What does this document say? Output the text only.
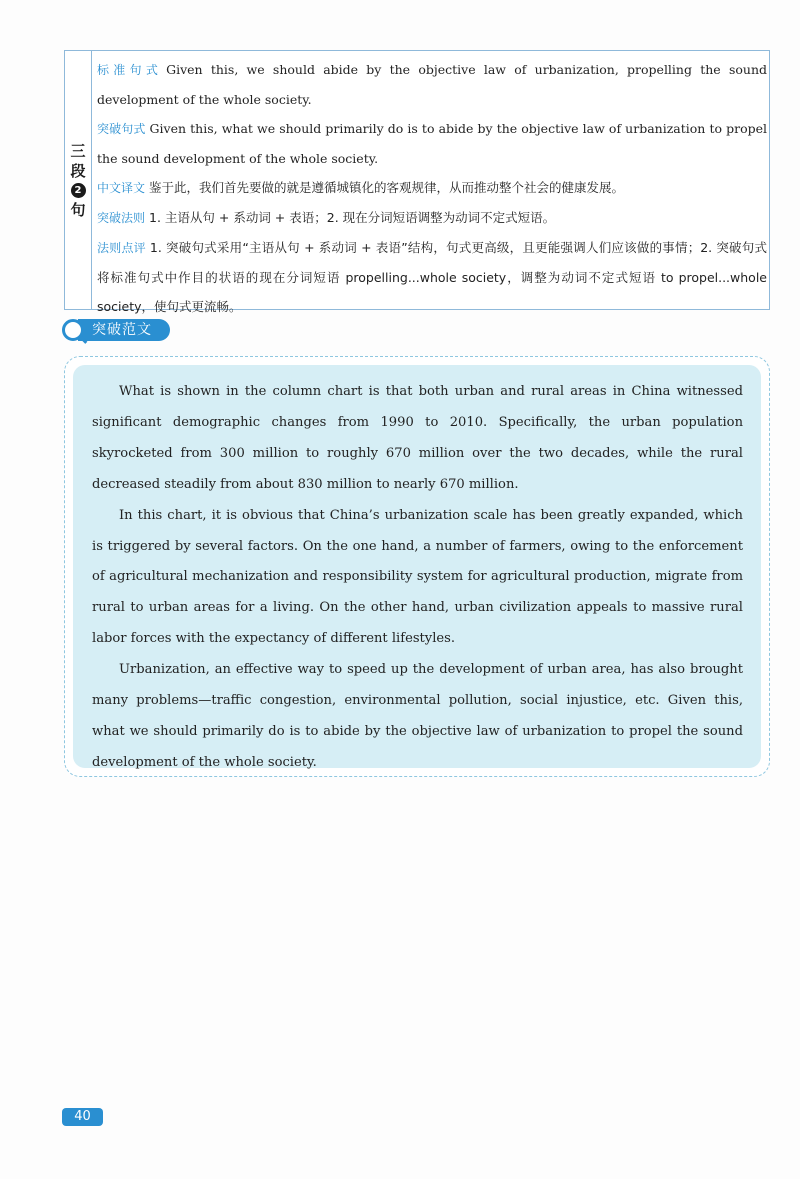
三
段
2
句

标准句式 Given this, we should abide by the objective law of urbanization, propelling the sound development of the whole society.

突破句式 Given this, what we should primarily do is to abide by the objective law of urbanization to propel the sound development of the whole society.

中文译文 鉴于此，我们首先要做的就是遵循城镇化的客观规律，从而推动整个社会的健康发展。

突破法则 1. 主语从句 + 系动词 + 表语；2. 现在分词短语调整为动词不定式短语。

法则点评 1. 突破句式采用“主语从句 + 系动词 + 表语”结构，句式更高级，且更能强调人们应该做的事情；2. 突破句式将标准句式中作目的状语的现在分词短语 propelling...whole society，调整为动词不定式短语 to propel...whole society，使句式更流畅。

突破范文

What is shown in the column chart is that both urban and rural areas in China witnessed significant demographic changes from 1990 to 2010. Specifically, the urban population skyrocketed from 300 million to roughly 670 million over the two decades, while the rural decreased steadily from about 830 million to nearly 670 million.

In this chart, it is obvious that China’s urbanization scale has been greatly expanded, which is triggered by several factors. On the one hand, a number of farmers, owing to the enforcement of agricultural mechanization and responsibility system for agricultural production, migrate from rural to urban areas for a living. On the other hand, urban civilization appeals to massive rural labor forces with the expectancy of different lifestyles.

Urbanization, an effective way to speed up the development of urban area, has also brought many problems—traffic congestion, environmental pollution, social injustice, etc. Given this, what we should primarily do is to abide by the objective law of urbanization to propel the sound development of the whole society.

40
